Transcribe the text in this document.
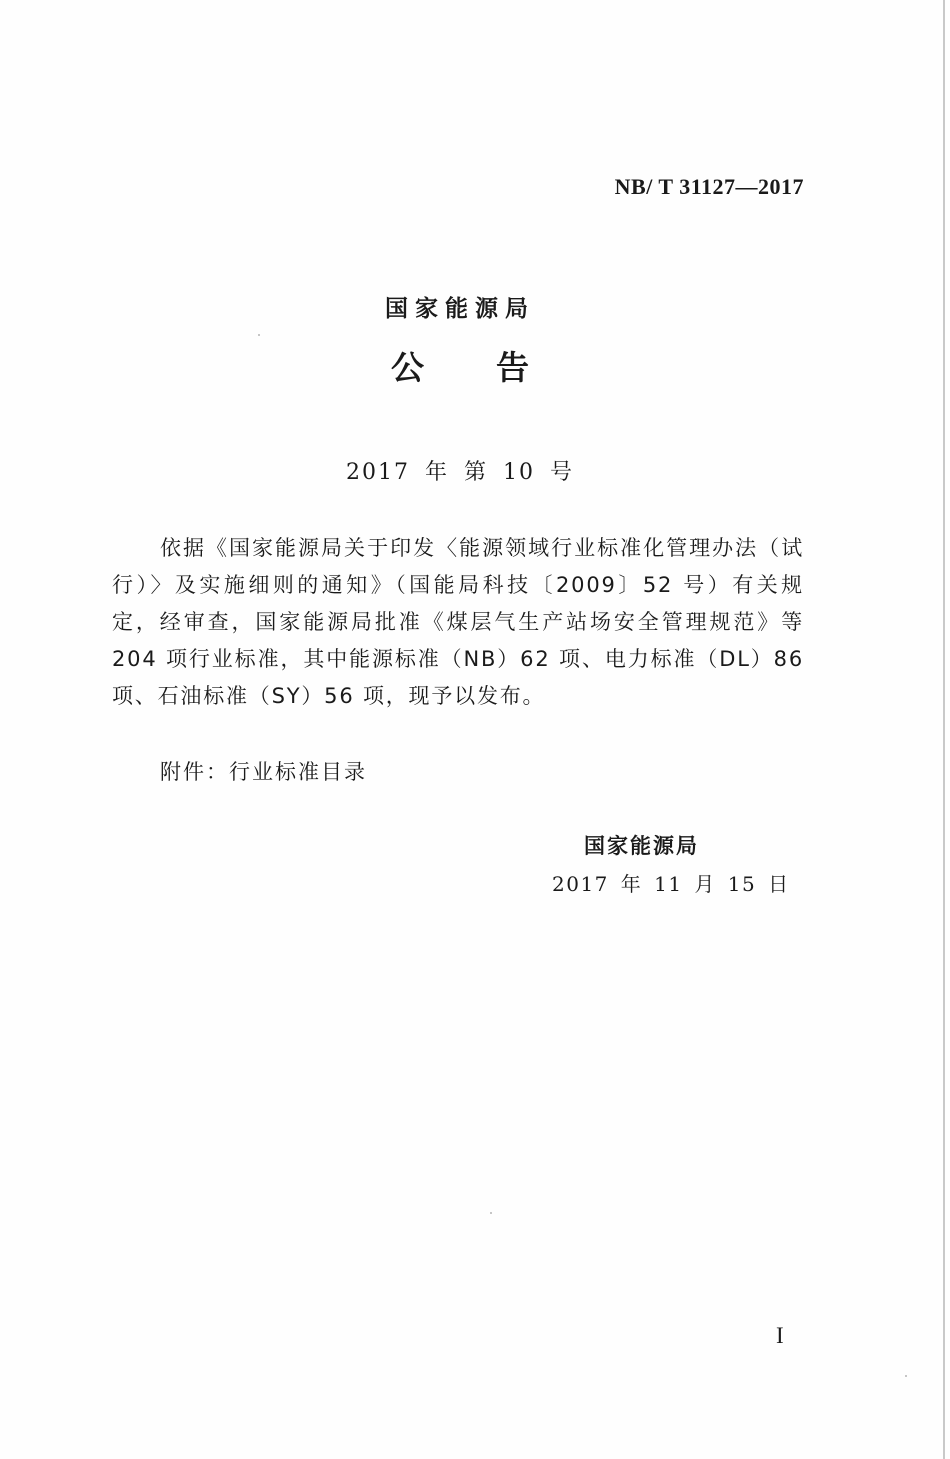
NB/ T 31127—2017
国家能源局
公告
2017 年 第 10 号
依据《国家能源局关于印发〈能源领域行业标准化管理办法（试行）〉及实施细则的通知》（国能局科技〔2009〕52 号）有关规定，经审查，国家能源局批准《煤层气生产站场安全管理规范》等 204 项行业标准，其中能源标准（NB）62 项、电力标准（DL）86 项、石油标准（SY）56 项，现予以发布。
附件：行业标准目录
国家能源局
2017 年 11 月 15 日
I
